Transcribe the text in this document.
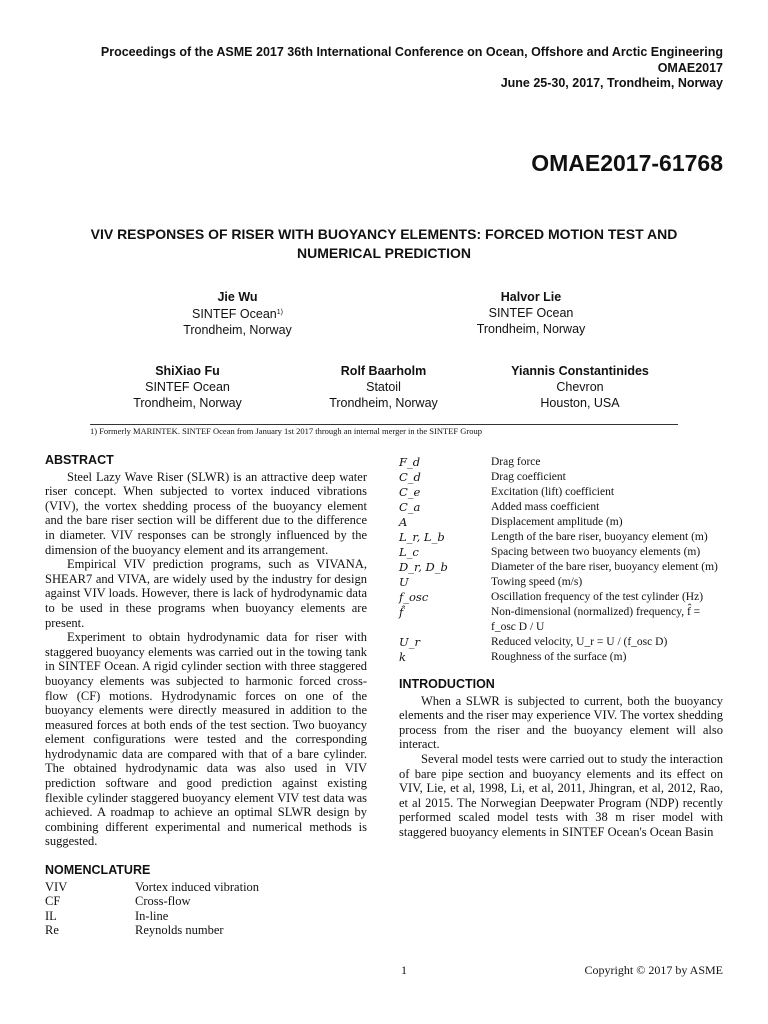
Proceedings of the ASME 2017 36th International Conference on Ocean, Offshore and Arctic Engineering
OMAE2017
June 25-30, 2017, Trondheim, Norway
OMAE2017-61768
VIV RESPONSES OF RISER WITH BUOYANCY ELEMENTS: FORCED MOTION TEST AND
NUMERICAL PREDICTION
Jie Wu
SINTEF Ocean$^{1)}$
Trondheim, Norway
Halvor Lie
SINTEF Ocean
Trondheim, Norway
ShiXiao Fu
SINTEF Ocean
Trondheim, Norway
Rolf Baarholm
Statoil
Trondheim, Norway
Yiannis Constantinides
Chevron
Houston, USA
1) Formerly MARINTEK. SINTEF Ocean from January 1st 2017 through an internal merger in the SINTEF Group
ABSTRACT

Steel Lazy Wave Riser (SLWR) is an attractive deep water riser concept. When subjected to vortex induced vibrations (VIV), the vortex shedding process of the buoyancy element and the bare riser section will be different due to the difference in diameter. VIV responses can be strongly influenced by the dimension of the buoyancy element and its arrangement.

Empirical VIV prediction programs, such as VIVANA, SHEAR7 and VIVA, are widely used by the industry for design against VIV loads. However, there is lack of hydrodynamic data to be used in these programs when buoyancy elements are present.

Experiment to obtain hydrodynamic data for riser with staggered buoyancy elements was carried out in the towing tank in SINTEF Ocean. A rigid cylinder section with three staggered buoyancy elements was subjected to harmonic forced cross-flow (CF) motions. Hydrodynamic forces on one of the buoyancy elements were directly measured in addition to the measured forces at both ends of the test section. Two buoyancy element configurations were tested and the corresponding hydrodynamic data are compared with that of a bare cylinder. The obtained hydrodynamic data was also used in VIV prediction software and good prediction against existing flexible cylinder staggered buoyancy element VIV test data was achieved. A roadmap to achieve an optimal SLWR design by combining different experimental and numerical methods is suggested.

NOMENCLATURE
VIV	Vortex induced vibration
CF	Cross-flow
IL	In-line
Re	Reynolds number
F_d	Drag force
C_d	Drag coefficient
C_e	Excitation (lift) coefficient
C_a	Added mass coefficient
A	Displacement amplitude (m)
L_r, L_b	Length of the bare riser, buoyancy element (m)
L_c	Spacing between two buoyancy elements (m)
D_r, D_b	Diameter of the bare riser, buoyancy element (m)
U	Towing speed (m/s)
f_osc	Oscillation frequency of the test cylinder (Hz)
f̂	Non-dimensional (normalized) frequency, f̂ = f_osc D / U
U_r	Reduced velocity, U_r = U / (f_osc D)
k	Roughness of the surface (m)
INTRODUCTION

When a SLWR is subjected to current, both the buoyancy elements and the riser may experience VIV. The vortex shedding process from the riser and the buoyancy element will also interact.

Several model tests were carried out to study the interaction of bare pipe section and buoyancy elements and its effect on VIV, Lie, et al, 1998, Li, et al, 2011, Jhingran, et al, 2012, Rao, et al 2015. The Norwegian Deepwater Program (NDP) recently performed scaled model tests with 38 m riser model with staggered buoyancy elements in SINTEF Ocean's Ocean Basin

1	Copyright © 2017 by ASME
